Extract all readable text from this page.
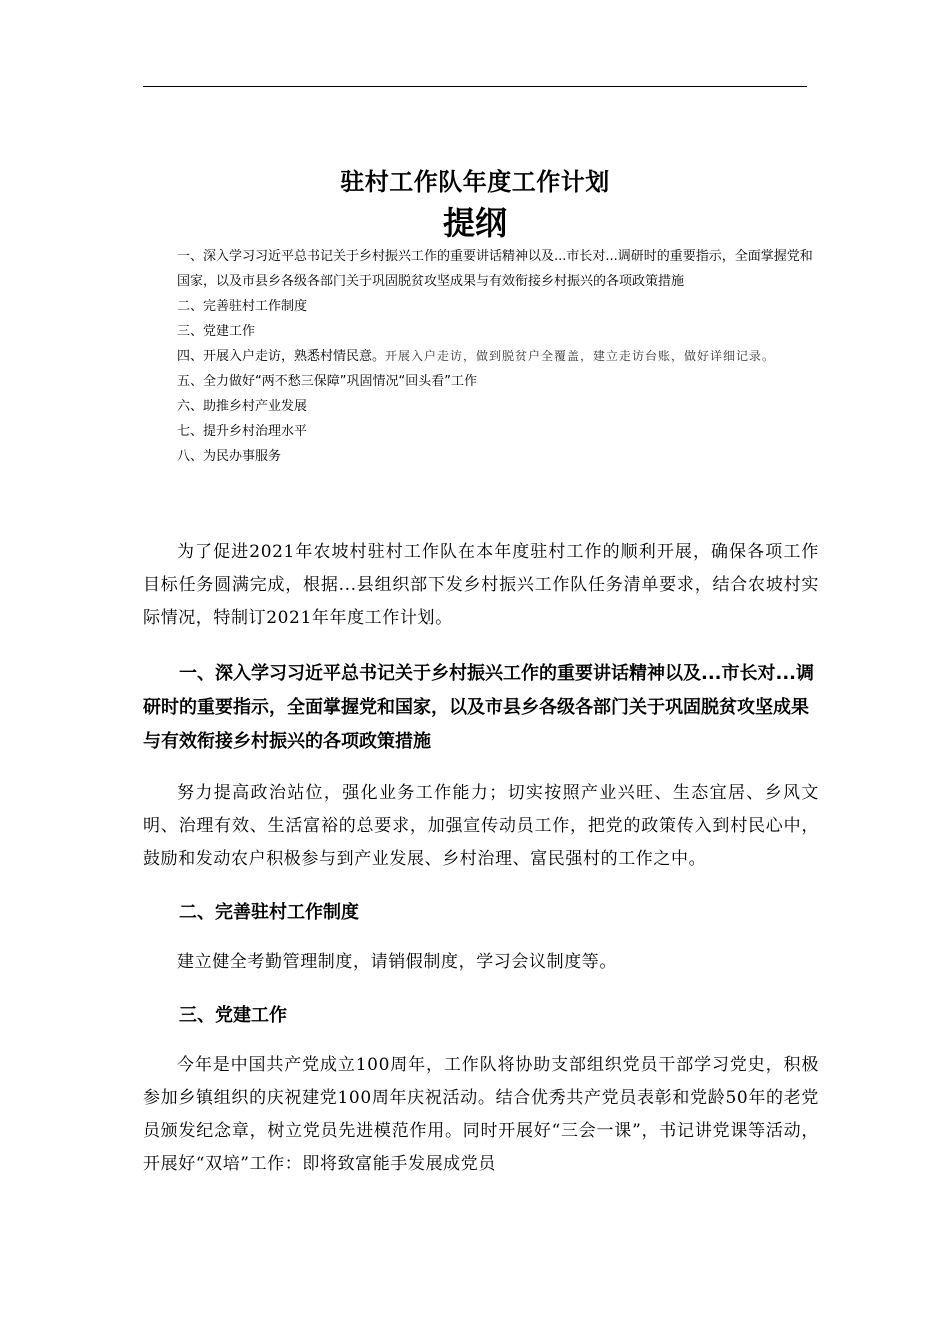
驻村工作队年度工作计划
提纲
一、深入学习习近平总书记关于乡村振兴工作的重要讲话精神以及...市长对...调研时的重要指示，全面掌握党和国家，以及市县乡各级各部门关于巩固脱贫攻坚成果与有效衔接乡村振兴的各项政策措施
二、完善驻村工作制度
三、党建工作
四、开展入户走访，熟悉村情民意。开展入户走访，做到脱贫户全覆盖，建立走访台账，做好详细记录。
五、全力做好“两不愁三保障”巩固情况“回头看”工作
六、助推乡村产业发展
七、提升乡村治理水平
八、为民办事服务

为了促进2021年农坡村驻村工作队在本年度驻村工作的顺利开展，确保各项工作目标任务圆满完成，根据...县组织部下发乡村振兴工作队任务清单要求，结合农坡村实际情况，特制订2021年年度工作计划。

一、深入学习习近平总书记关于乡村振兴工作的重要讲话精神以及...市长对...调研时的重要指示，全面掌握党和国家，以及市县乡各级各部门关于巩固脱贫攻坚成果与有效衔接乡村振兴的各项政策措施

努力提高政治站位，强化业务工作能力；切实按照产业兴旺、生态宜居、乡风文明、治理有效、生活富裕的总要求，加强宣传动员工作，把党的政策传入到村民心中，鼓励和发动农户积极参与到产业发展、乡村治理、富民强村的工作之中。

二、完善驻村工作制度

建立健全考勤管理制度，请销假制度，学习会议制度等。

三、党建工作

今年是中国共产党成立100周年，工作队将协助支部组织党员干部学习党史，积极参加乡镇组织的庆祝建党100周年庆祝活动。结合优秀共产党员表彰和党龄50年的老党员颁发纪念章，树立党员先进模范作用。同时开展好“三会一课”，书记讲党课等活动，开展好“双培”工作：即将致富能手发展成党员
